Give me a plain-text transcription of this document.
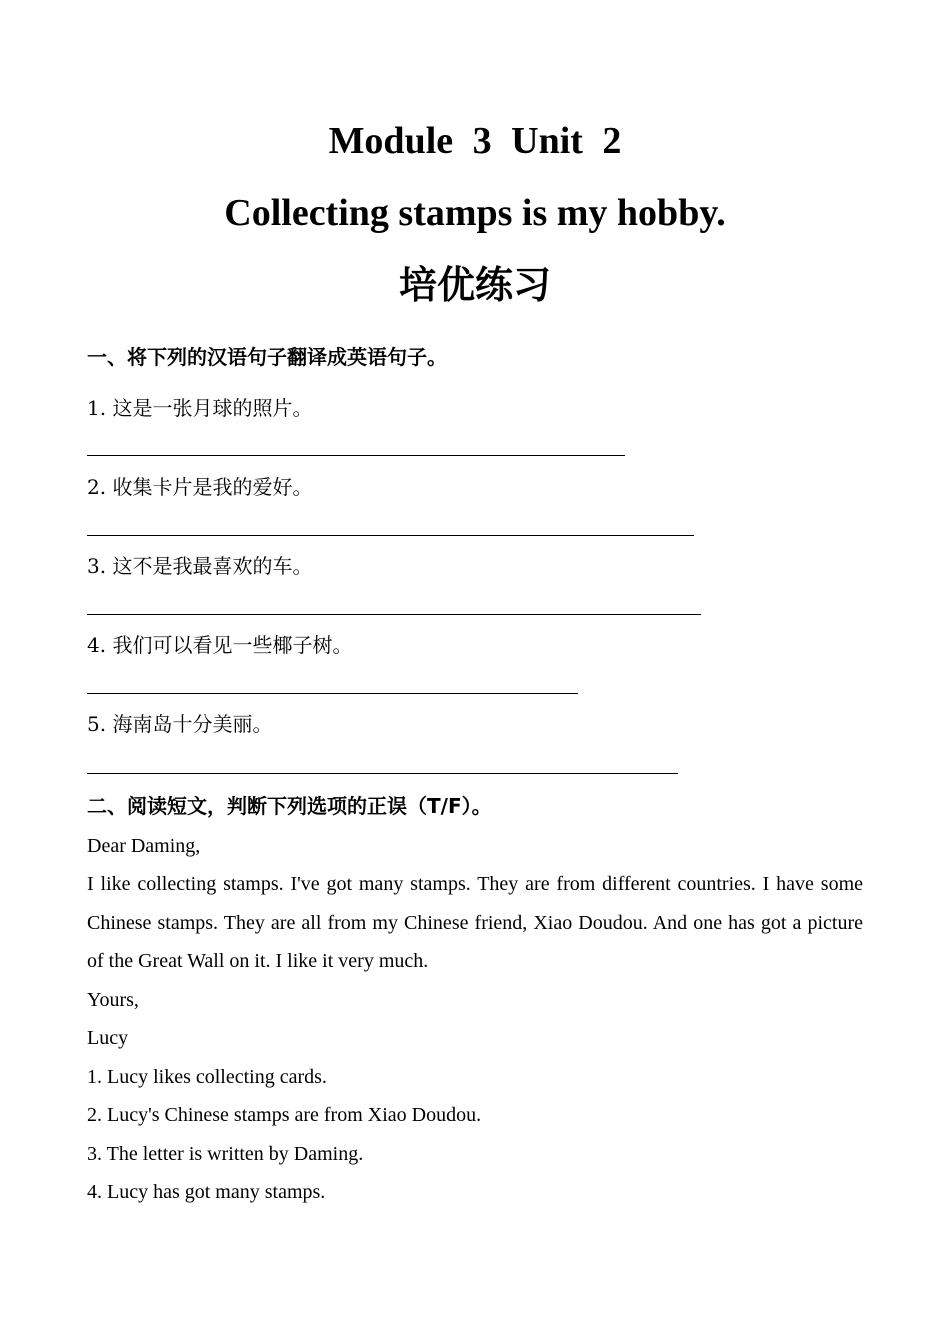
Module 3 Unit 2
Collecting stamps is my hobby.
培优练习

一、将下列的汉语句子翻译成英语句子。

1. 这是一张月球的照片。

2. 收集卡片是我的爱好。

3. 这不是我最喜欢的车。

4. 我们可以看见一些椰子树。

5. 海南岛十分美丽。

二、阅读短文，判断下列选项的正误（T/F）。

Dear Daming,

I like collecting stamps. I've got many stamps. They are from different countries. I have some Chinese stamps. They are all from my Chinese friend, Xiao Doudou. And one has got a picture of the Great Wall on it. I like it very much.

Yours,

Lucy

1. Lucy likes collecting cards.

2. Lucy's Chinese stamps are from Xiao Doudou.

3. The letter is written by Daming.

4. Lucy has got many stamps.
